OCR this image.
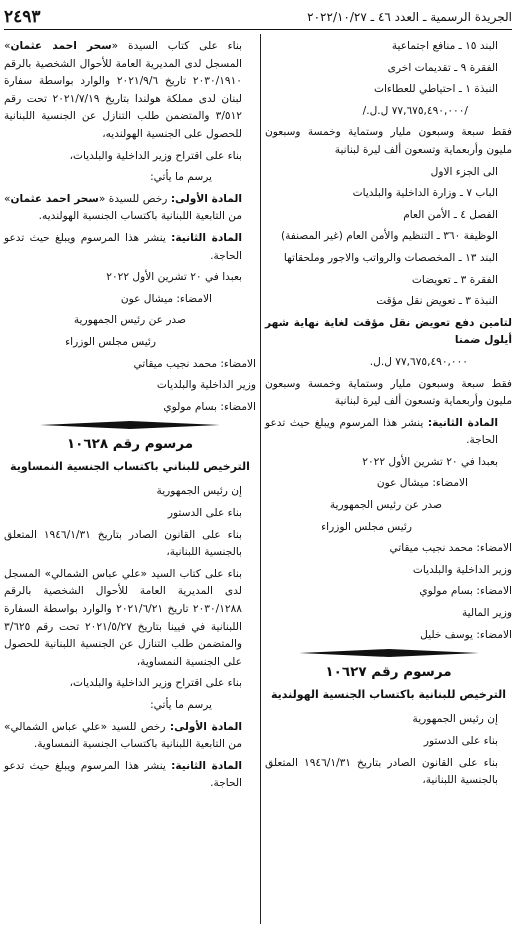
الجريدة الرسمية ـ العدد ٤٦ ـ ٢٠٢٢/١٠/٢٧
٢٤٩٣

البند ١٥ ـ منافع اجتماعية

الفقرة ٩ ـ تقديمات اخرى

النبذة ١ ـ احتياطي للعطاءات

/٧٧,٦٧٥,٤٩٠,٠٠٠ ل.ل./

فقط سبعة وسبعون مليار وستماية وخمسة وسبعون مليون وأربعماية وتسعون ألف ليرة لبنانية

الى الجزء الاول

الباب ٧ ـ وزارة الداخلية والبلديات

الفصل ٤ ـ الأمن العام

الوظيفة ٣٦٠ ـ التنظيم والأمن العام (غير المصنفة)

البند ١٣ ـ المخصصات والرواتب والاجور وملحقاتها

الفقرة ٣ ـ تعويضات

النبذة ٣ ـ تعويض نقل مؤقت

لتامين دفع تعويض نقل مؤقت لغاية نهاية شهر أيلول ضمنا

٧٧,٦٧٥,٤٩٠,٠٠٠ ل.ل.

فقط سبعة وسبعون مليار وستماية وخمسة وسبعون مليون وأربعماية وتسعون ألف ليرة لبنانية

المادة الثانية: ينشر هذا المرسوم ويبلغ حيث تدعو الحاجة.

بعبدا في ٢٠ تشرين الأول ٢٠٢٢

الامضاء: ميشال عون

صدر عن رئيس الجمهورية

رئيس مجلس الوزراء

الامضاء: محمد نجيب ميقاتي

وزير الداخلية والبلديات

الامضاء: بسام مولوي

وزير المالية

الامضاء: يوسف خليل

مرسوم رقم ١٠٦٢٧
الترخيص للبنانية باكتساب الجنسية الهولندية

إن رئيس الجمهورية

بناء على الدستور

بناء على القانون الصادر بتاريخ ١٩٤٦/١/٣١ المتعلق بالجنسية اللبنانية،

بناء على كتاب السيدة «سحر احمد عثمان» المسجل لدى المديرية العامة للأحوال الشخصية بالرقم ٢٠٣٠/١٩١٠ تاريخ ٢٠٢١/٩/٦ والوارد بواسطة سفارة لبنان لدى مملكة هولندا بتاريخ ٢٠٢١/٧/١٩ تحت رقم ٣/٥١٢ والمتضمن طلب التنازل عن الجنسية اللبنانية للحصول على الجنسية الهولنديه،

بناء على اقتراح وزير الداخلية والبلديات،

يرسم ما يأتي:

المادة الأولى: رخص للسيدة «سحر احمد عثمان» من التابعية اللبنانية باكتساب الجنسية الهولنديه.

المادة الثانية: ينشر هذا المرسوم ويبلغ حيث تدعو الحاجة.

بعبدا في ٢٠ تشرين الأول ٢٠٢٢

الامضاء: ميشال عون

صدر عن رئيس الجمهورية

رئيس مجلس الوزراء

الامضاء: محمد نجيب ميقاتي

وزير الداخلية والبلديات

الامضاء: بسام مولوي

مرسوم رقم ١٠٦٢٨
الترخيص للبناني باكتساب الجنسية النمساوية

إن رئيس الجمهورية

بناء على الدستور

بناء على القانون الصادر بتاريخ ١٩٤٦/١/٣١ المتعلق بالجنسية اللبنانية،

بناء على كتاب السيد «علي عباس الشمالي» المسجل لدى المديرية العامة للأحوال الشخصية بالرقم ٢٠٣٠/١٢٨٨ تاريخ ٢٠٢١/٦/٢١ والوارد بواسطة السفارة اللبنانية في فيينا بتاريخ ٢٠٢١/٥/٢٧ تحت رقم ٣/٦٢٥ والمتضمن طلب التنازل عن الجنسية اللبنانية للحصول على الجنسية النمساوية،

بناء على اقتراح وزير الداخلية والبلديات،

يرسم ما يأتي:

المادة الأولى: رخص للسيد «علي عباس الشمالي» من التابعية اللبنانية باكتساب الجنسية النمساوية.

المادة الثانية: ينشر هذا المرسوم ويبلغ حيث تدعو الحاجة.
